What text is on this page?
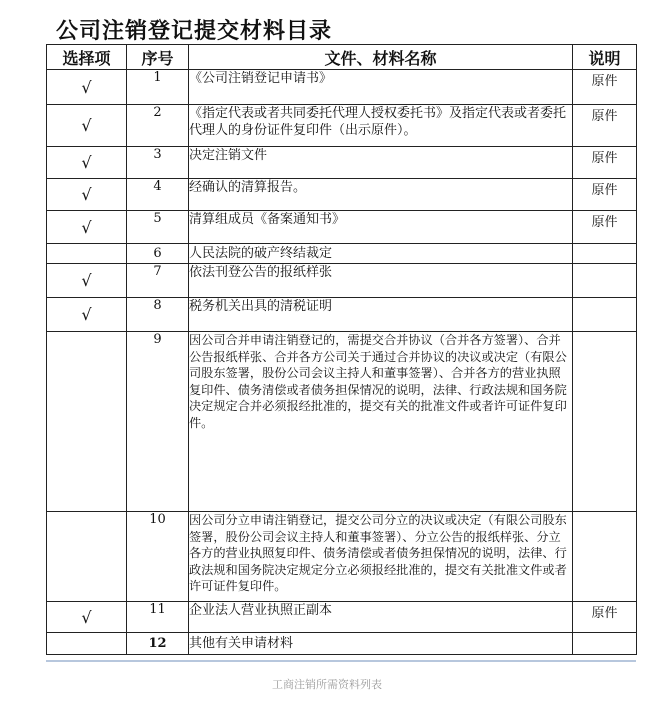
公司注销登记提交材料目录
选择项	序号	文件、材料名称	说明
√	1	《公司注销登记申请书》	原件
√	2	《指定代表或者共同委托代理人授权委托书》及指定代表或者委托代理人的身份证件复印件（出示原件）。	原件
√	3	决定注销文件	原件
√	4	经确认的清算报告。	原件
√	5	清算组成员《备案通知书》	原件
	6	人民法院的破产终结裁定	
√	7	依法刊登公告的报纸样张	
√	8	税务机关出具的清税证明	
	9	因公司合并申请注销登记的，需提交合并协议（合并各方签署）、合并公告报纸样张、合并各方公司关于通过合并协议的决议或决定（有限公司股东签署，股份公司会议主持人和董事签署）、合并各方的营业执照复印件、债务清偿或者债务担保情况的说明，法律、行政法规和国务院决定规定合并必须报经批准的，提交有关的批准文件或者许可证件复印件。	
	10	因公司分立申请注销登记，提交公司分立的决议或决定（有限公司股东签署，股份公司会议主持人和董事签署）、分立公告的报纸样张、分立各方的营业执照复印件、债务清偿或者债务担保情况的说明，法律、行政法规和国务院决定规定分立必须报经批准的，提交有关批准文件或者许可证件复印件。	
√	11	企业法人营业执照正副本	原件
	12	其他有关申请材料	
工商注销所需资料列表
